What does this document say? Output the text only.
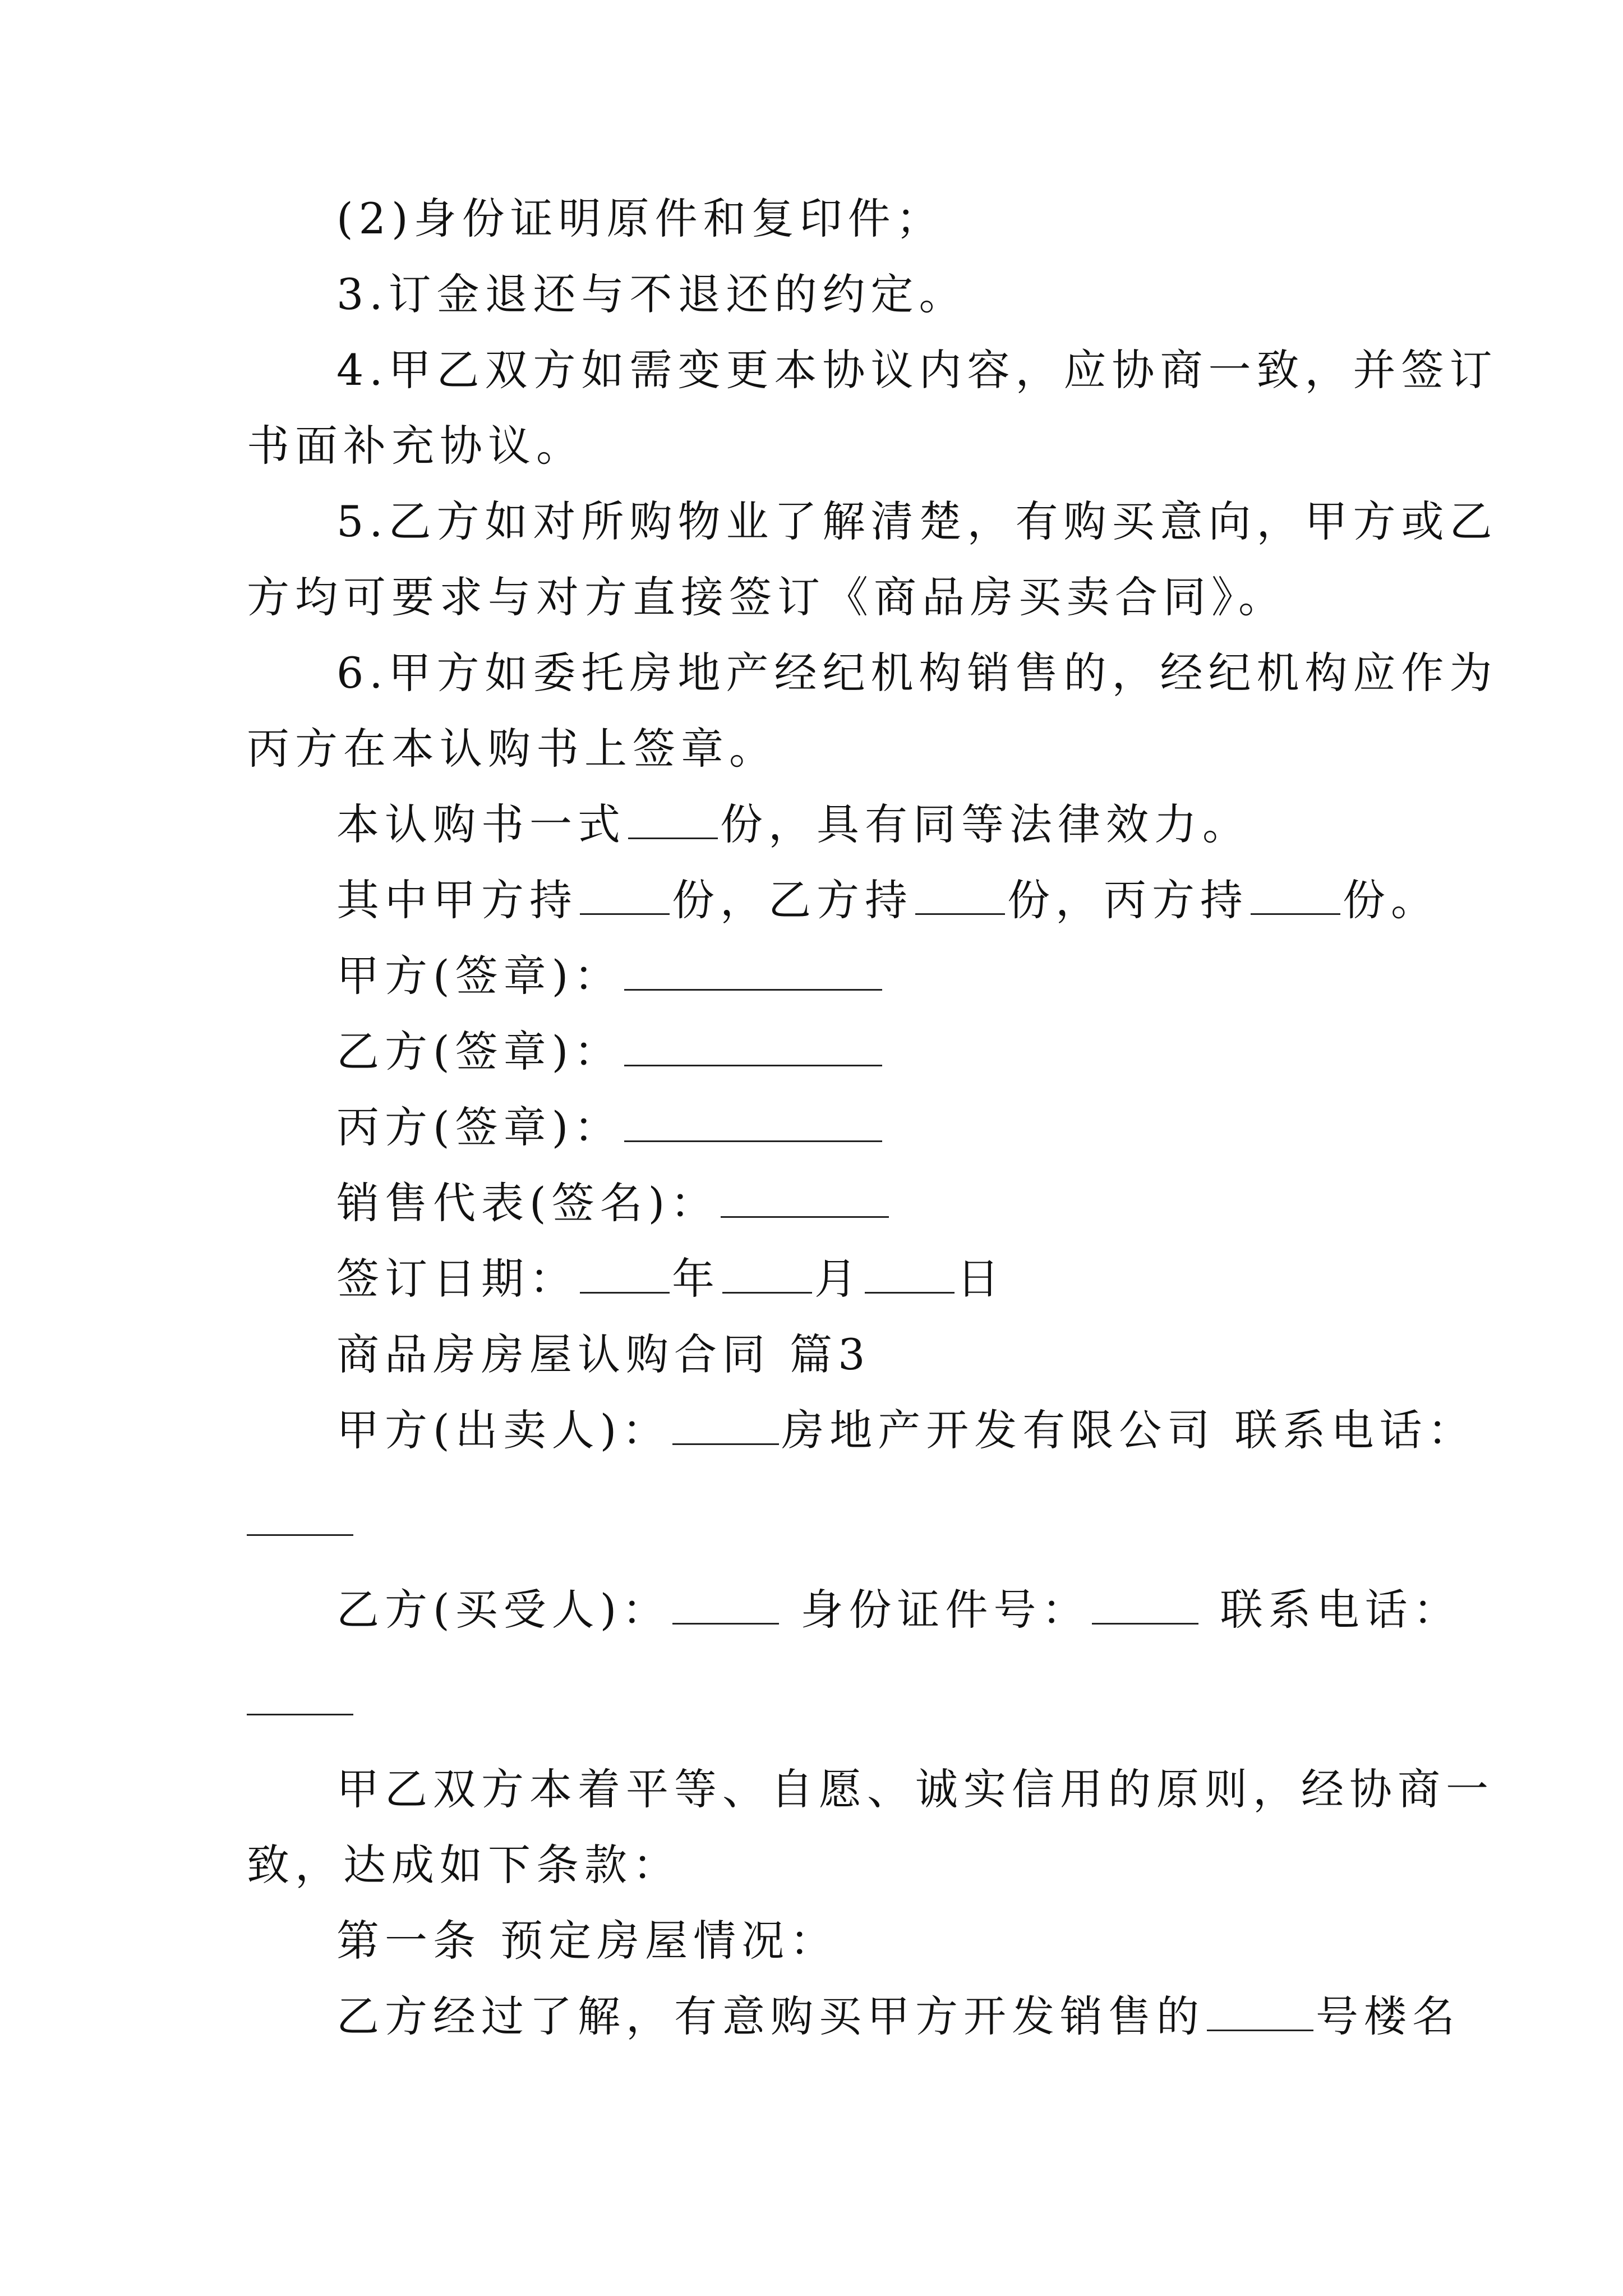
(2)身份证明原件和复印件；
3.订金退还与不退还的约定。
4.甲乙双方如需变更本协议内容，应协商一致，并签订
书面补充协议。
5.乙方如对所购物业了解清楚，有购买意向，甲方或乙
方均可要求与对方直接签订《商品房买卖合同》。
6.甲方如委托房地产经纪机构销售的，经纪机构应作为
丙方在本认购书上签章。
本认购书一式 份，具有同等法律效力。
其中甲方持 份，乙方持 份，丙方持 份。
甲方(签章)：
乙方(签章)：
丙方(签章)：
销售代表(签名)：
签订日期： 年 月 日
商品房房屋认购合同 篇3
甲方(出卖人)：	房地产开发有限公司 联系电话：
乙方(买受人)：	身份证件号：	联系电话：
甲乙双方本着平等、自愿、诚实信用的原则，经协商一
致，达成如下条款：
第一条 预定房屋情况：
乙方经过了解，有意购买甲方开发销售的	号楼名
